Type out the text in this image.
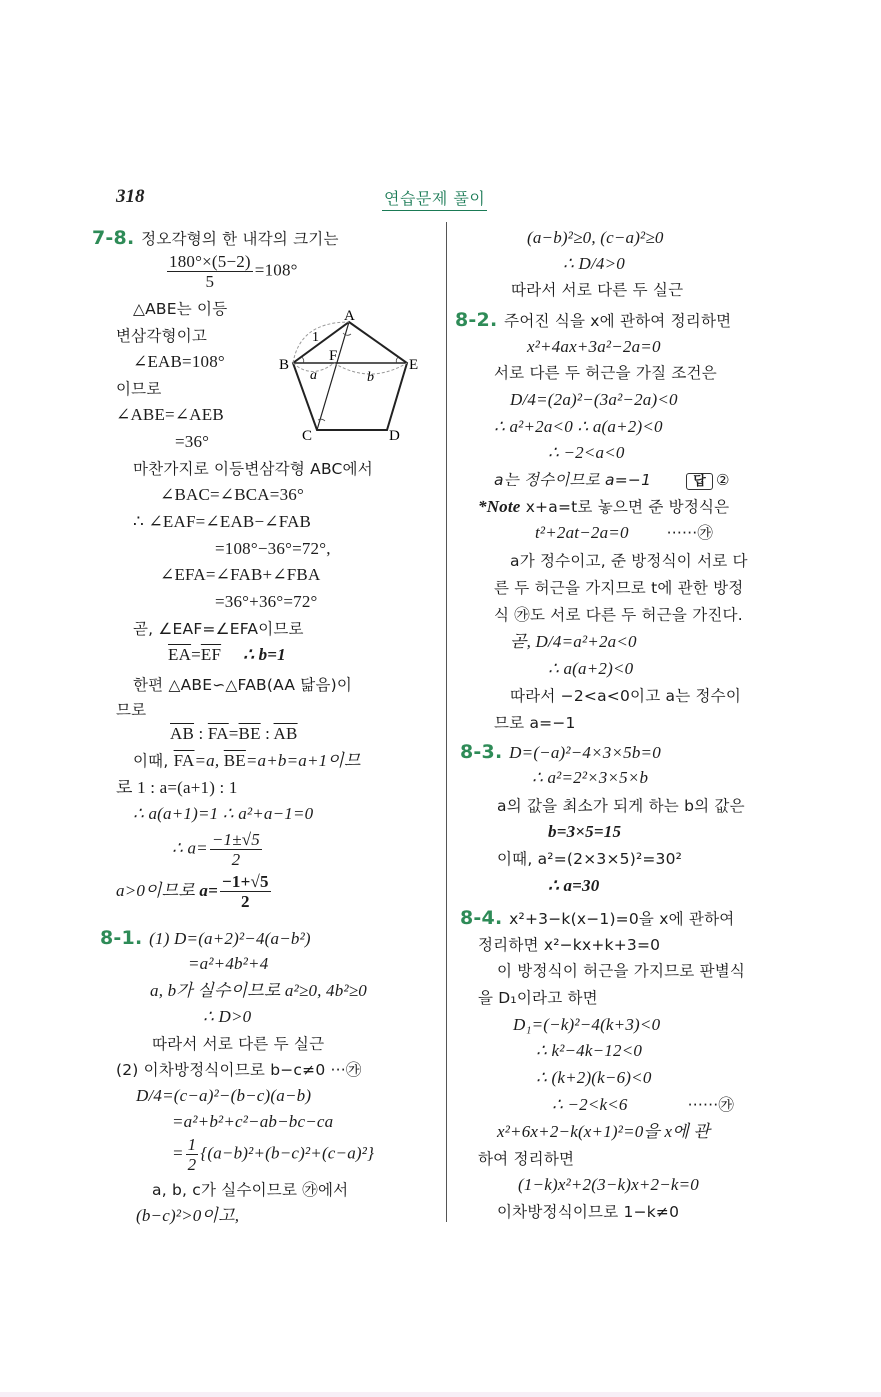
318	연습문제 풀이
7-8. 정오각형의 한 내각의 크기는
$\frac{180^\circ\times(5-2)}{5} =108^\circ$
△ABE는 이등
변삼각형이고
∠EAB=108°
이므로
∠ABE=∠AEB
=36°
A
B
C	D
E
F
1
a	b
마찬가지로 이등변삼각형 ABC에서
∠BAC=∠BCA=36°
∴ ∠EAF=∠EAB−∠FAB
=108°−36°=72°,
∠EFA=∠FAB+∠FBA
=36°+36°=72°
곧, ∠EAF=∠EFA이므로
$\overline{EA}=\overline{EF}$ ∴ b=1
한편 △ABE∽△FAB(AA 닮음)이
므로
$\overline{AB}$ : $\overline{FA}=\overline{BE}$ : $\overline{AB}$
이때, $\overline{FA}=a$, $\overline{BE}=a+b=a+1$이므
로 1 : a=(a+1) : 1
∴ a(a+1)=1 ∴ a²+a−1=0
∴ $a= \frac{-1\pm√5}{2}$
a>0이므로 $a= \frac{-1+√5}{2}$
8-1. (1) D=(a+2)²−4(a−b²)
=a²+4b²+4
a, b가 실수이므로 a²≥0, 4b²≥0
∴ D>0
따라서 서로 다른 두 실근
(2) 이차방정식이므로 b−c≠0 ···㉮
D/4=(c−a)²−(b−c)(a−b)
=a²+b²+c²−ab−bc−ca
= $\frac{1}{2} \{(a-b)^2+(b-c)^2+(c-a)^2\}$
a, b, c가 실수이므로 ㉮에서
(b−c)²>0이고,
(a−b)²≥0, (c−a)²≥0
∴ D/4>0
따라서 서로 다른 두 실근
8-2. 주어진 식을 x에 관하여 정리하면
x²+4ax+3a²−2a=0
서로 다른 두 허근을 가질 조건은
D/4=(2a)²−(3a²−2a)<0
∴ a²+2a<0 ∴ a(a+2)<0
∴ −2<a<0
a는 정수이므로 a=−1	답 ②
*Note x+a=t로 놓으면 준 방정식은
t²+2at−2a=0 ······㉮
a가 정수이고, 준 방정식이 서로 다
른 두 허근을 가지므로 t에 관한 방정
식 ㉮도 서로 다른 두 허근을 가진다.
곧, D/4=a²+2a<0
∴ a(a+2)<0
따라서 −2<a<0이고 a는 정수이
므로 a=−1
8-3. D=(−a)²−4×3×5b=0
∴ a²=2²×3×5×b
a의 값을 최소가 되게 하는 b의 값은
b=3×5=15
이때, a²=(2×3×5)²=30²
∴ a=30
8-4. x²+3−k(x−1)=0을 x에 관하여
정리하면 x²−kx+k+3=0
이 방정식이 허근을 가지므로 판별식
을 D₁이라고 하면
D₁=(−k)²−4(k+3)<0
∴ k²−4k−12<0
∴ (k+2)(k−6)<0
∴ −2<k<6	······㉮
x²+6x+2−k(x+1)²=0을 x에 관
하여 정리하면
(1−k)x²+2(3−k)x+2−k=0
이차방정식이므로 1−k≠0
